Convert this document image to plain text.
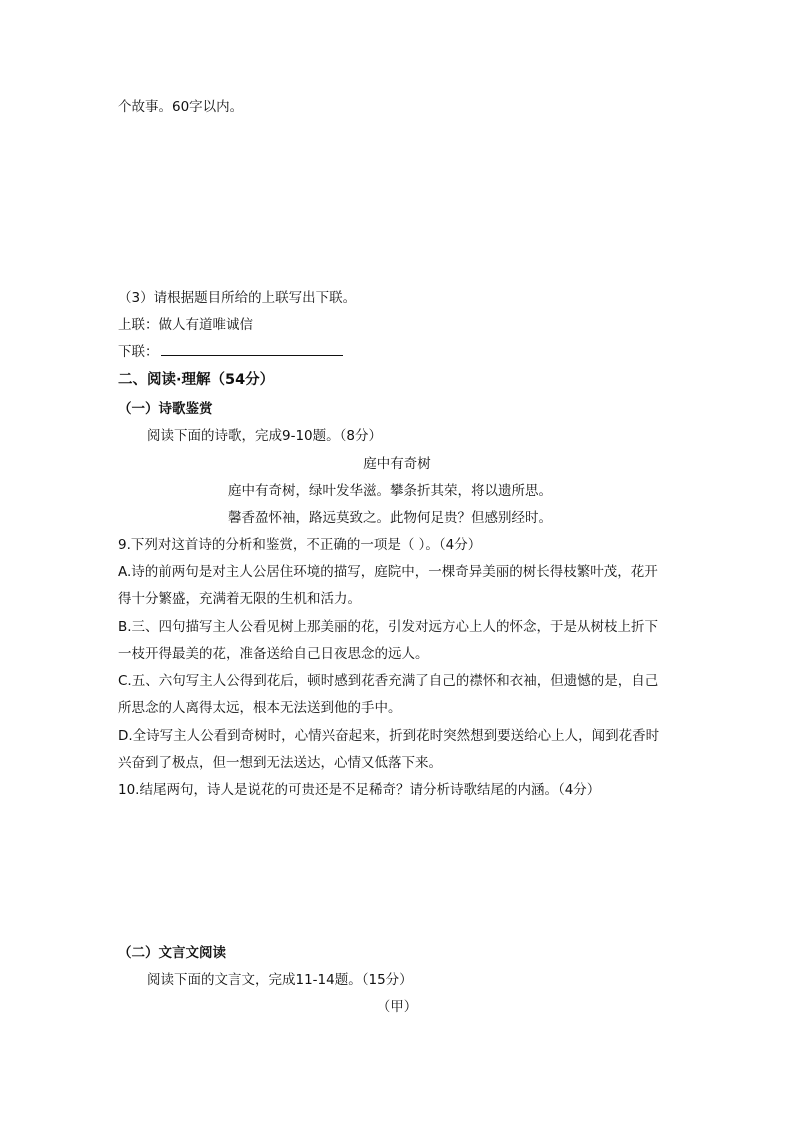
个故事。60字以内。
（3）请根据题目所给的上联写出下联。
上联：做人有道唯诚信
下联：
二、阅读·理解（54分）
（一）诗歌鉴赏
阅读下面的诗歌，完成9-10题。（8分）
庭中有奇树
庭中有奇树，绿叶发华滋。攀条折其荣，将以遗所思。
馨香盈怀袖，路远莫致之。此物何足贵？但感别经时。
9.下列对这首诗的分析和鉴赏，不正确的一项是（ ）。（4分）
A.诗的前两句是对主人公居住环境的描写，庭院中，一棵奇异美丽的树长得枝繁叶茂，花开
得十分繁盛，充满着无限的生机和活力。
B.三、四句描写主人公看见树上那美丽的花，引发对远方心上人的怀念，于是从树枝上折下
一枝开得最美的花，准备送给自己日夜思念的远人。
C.五、六句写主人公得到花后，顿时感到花香充满了自己的襟怀和衣袖，但遗憾的是，自己
所思念的人离得太远，根本无法送到他的手中。
D.全诗写主人公看到奇树时，心情兴奋起来，折到花时突然想到要送给心上人，闻到花香时
兴奋到了极点，但一想到无法送达，心情又低落下来。
10.结尾两句，诗人是说花的可贵还是不足稀奇？请分析诗歌结尾的内涵。（4分）
（二）文言文阅读
阅读下面的文言文，完成11-14题。（15分）
（甲）
